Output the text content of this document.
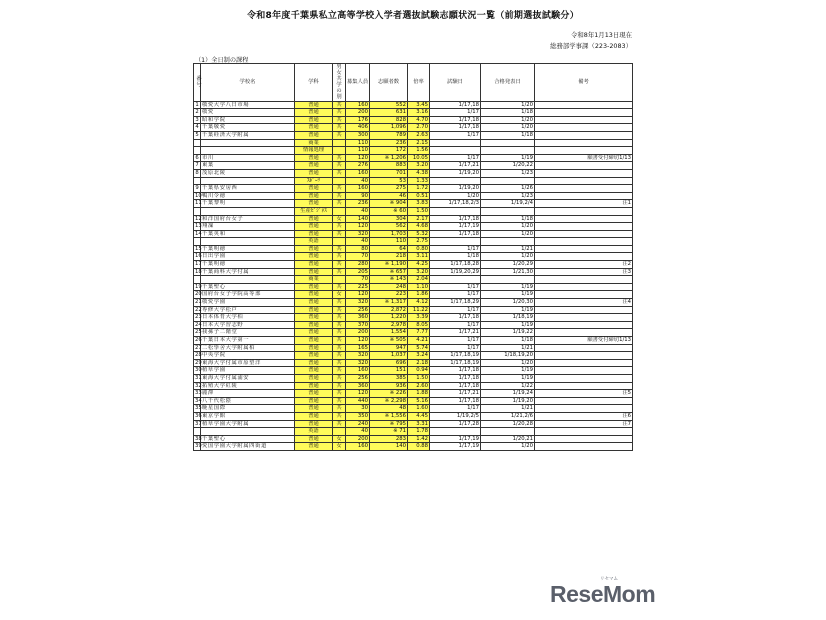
令和8年度千葉県私立高等学校入学者選抜試験志願状況一覧（前期選抜試験分）
令和8年1月13日現在
総務部学事課（223-2083）
（1）全日制の課程
番号	学校名	学科	男女共学の別	募集人員	志願者数	倍率	試験日	合格発表日	備考
1	敬愛大学八日市場	普通	共	160	552	3.45	1/17,18	1/20	
2	敬愛	普通	共	200	631	3.16	1/17	1/18	
3	昭和学院	普通	共	176	828	4.70	1/17,18	1/20	
4	千葉敬愛	普通	共	406	1,096	2.70	1/17,18	1/20	
5	千葉経済大学附属	普通	共	300	789	2.63	1/17	1/18	
		商業		110	236	2.15			
		情報処理		110	172	1.56			
6	市川	普通	共	120	※ 1,206	10.05	1/17	1/19	願書受付締切1/13
7	東葉	普通	共	276	883	3.20	1/17,21	1/20,22	
8	茂原北陵	普通	共	160	701	4.38	1/19,20	1/23	
		ｽﾎﾟｰﾂ		40	53	1.33			
9	千葉県安房西	普通	共	160	275	1.72	1/19,20	1/26	
10	鴨川令徳	普通	共	90	46	0.51	1/20	1/23	
11	千葉黎明	普通	共	236	※ 904	3.83	1/17,18,2/3	1/19,2/4	注1
		生産ﾋﾞｼﾞﾈｽ		40	※ 60	1.50			
12	和洋国府台女子	普通	女	140	304	2.17	1/17,18	1/18	
13	翔凜	普通	共	120	562	4.68	1/17,19	1/20	
14	千葉英和	普通	共	320	1,703	5.32	1/17,18	1/20	
		英語		40	110	2.75			
15	千葉明徳	普通	共	80	64	0.80	1/17	1/21	
16	日出学園	普通	共	70	218	3.11	1/18	1/20	
17	千葉明徳	普通	共	280	※ 1,190	4.25	1/17,18,28	1/20,29	注2
18	千葉商科大学付属	普通	共	205	※ 657	3.20	1/19,20,29	1/21,30	注3
		商業		70	※ 143	2.04			
19	千葉聖心	普通	共	225	248	1.10	1/17	1/19	
20	国府台女子学院高等部	普通	女	120	223	1.86	1/17	1/19	
21	敬愛学園	普通	共	320	※ 1,317	4.12	1/17,18,29	1/20,30	注4
22	専修大学松戸	普通	共	256	2,872	11.22	1/17	1/19	
23	日本体育大学柏	普通	共	360	1,220	3.39	1/17,18	1/18,19	
24	日本大学習志野	普通	共	370	2,978	8.05	1/17	1/19	
25	我孫子二階堂	普通	共	200	1,554	7.77	1/17,21	1/19,22	
26	千葉日本大学第一	普通	共	120	※ 505	4.21	1/17	1/18	願書受付締切1/13
27	二松學舍大学附属柏	普通	共	165	947	5.74	1/17	1/21	
28	中央学院	普通	共	320	1,037	3.24	1/17,18,19	1/18,19,20	
29	東海大学付属市原望洋	普通	共	320	696	2.18	1/17,18,19	1/20	
30	植草学園	普通	共	160	151	0.94	1/17,18	1/19	
31	東海大学付属浦安	普通	共	256	385	1.50	1/17,18	1/19	
32	拓殖大学紅陵	普通	共	360	936	2.60	1/17,18	1/22	
33	麗澤	普通	共	120	※ 226	1.88	1/17,21	1/19,24	注5
34	八千代松陰	普通	共	440	※ 2,298	5.16	1/17,18	1/19,20	
35	晩星国際	普通	共	30	48	1.60	1/17	1/21	
36	東京学館	普通	共	350	※ 1,556	4.45	1/19,2/5	1/21,2/6	注6
37	植草学園大学附属	普通	共	240	※ 795	3.31	1/17,28	1/20,28	注7
		英語		40	※ 71	1.78			
38	千葉聖心	普通	女	200	283	1.42	1/17,19	1/20,21	
39	愛国学園大学附属四街道	普通	女	160	140	0.88	1/17,19	1/20	
ReseMom
リセマム
